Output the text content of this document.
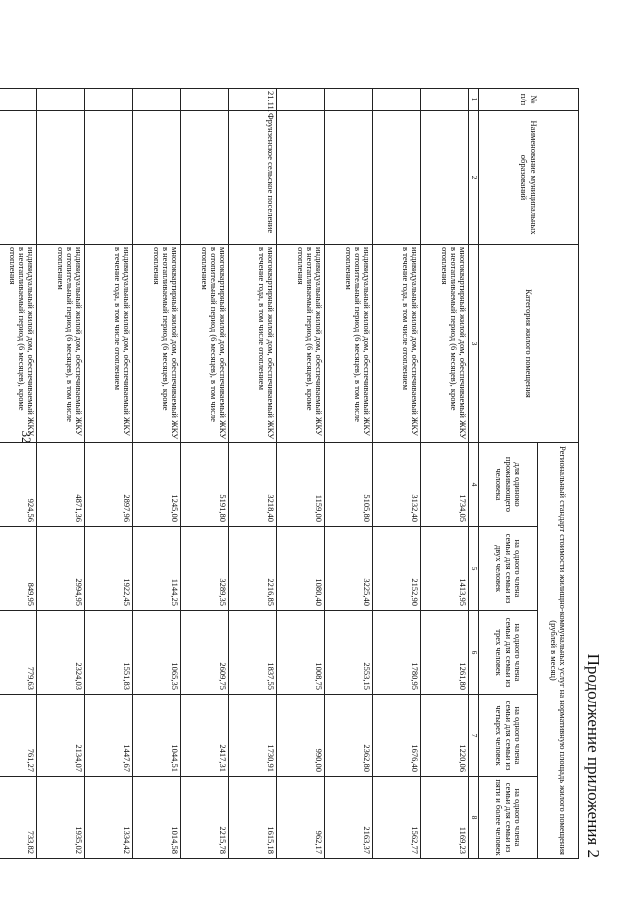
32
Продолжение приложения 2
№ п/п	Наименование муниципальных образований	Категория жилого помещения	Региональный стандарт стоимости жилищно-коммунальных услуг на нормативную площадь жилого помещения (рублей в месяц)				
			для одиноко проживающего человека	на одного члена семьи для семьи из двух человек	на одного члена семьи для семьи из трех человек	на одного члена семьи для семьи из четырех человек	на одного члена семьи для семьи из пяти и более человек
1	2	3	4	5	6	7	8
		многоквартирный жилой дом, обеспечиваемый ЖКУ в неотапливаемый период (6 месяцев), кроме отопления	1734,05	1413,95	1261,80	1220,06	1169,23
		индивидуальный жилой дом, обеспечиваемый ЖКУ в течение года, в том числе отоплением	3132,40	2152,90	1780,95	1676,40	1562,77
		индивидуальный жилой дом, обеспечиваемый ЖКУ в отопительный период (6 месяцев), в том числе отоплением	5105,80	3225,40	2553,15	2362,80	2163,37
		индивидуальный жилой дом, обеспечиваемый ЖКУ в неотапливаемый период (6 месяцев), кроме отопления	1159,00	1080,40	1008,75	990,00	962,17
21.11.	Фрунзенское сельское поселение	многоквартирный жилой дом, обеспечиваемый ЖКУ в течение года, в том числе отоплением	3218,40	2216,85	1837,55	1730,91	1615,18
		многоквартирный жилой дом, обеспечиваемый ЖКУ в отопительный период (6 месяцев), в том числе отоплением	5191,80	3289,35	2609,75	2417,31	2215,78
		многоквартирный жилой дом, обеспечиваемый ЖКУ в неотапливаемый период (6 месяцев), кроме отопления	1245,00	1144,25	1065,35	1044,51	1014,58
		индивидуальный жилой дом, обеспечиваемый ЖКУ в течение года, в том числе отоплением	2897,96	1922,45	1551,83	1447,67	1334,42
		индивидуальный жилой дом, обеспечиваемый ЖКУ в отопительный период (6 месяцев), в том числе отоплением	4871,36	2994,95	2324,03	2134,07	1935,02
		индивидуальный жилой дом, обеспечиваемый ЖКУ в неотапливаемый период (6 месяцев), кроме отопления	924,56	849,95	779,63	761,27	733,82
